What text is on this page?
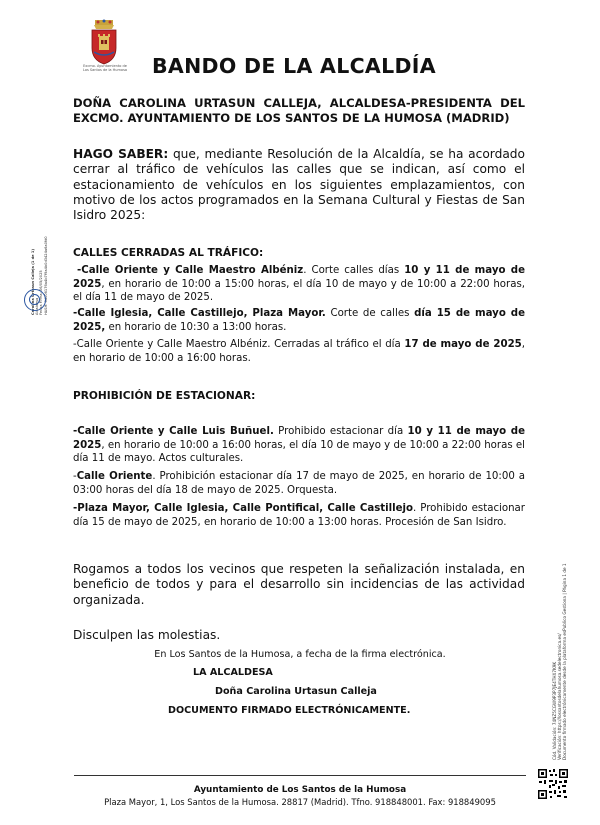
Excmo. Ayuntamiento de
Los Santos de la Humosa	BANDO DE LA ALCALDÍA

DOÑA CAROLINA URTASUN CALLEJA, ALCALDESA-PRESIDENTA DEL EXCMO. AYUNTAMIENTO DE LOS SANTOS DE LA HUMOSA (MADRID)

HAGO SABER: que, mediante Resolución de la Alcaldía, se ha acordado cerrar al tráfico de vehículos las calles que se indican, así como el estacionamiento de vehículos en los siguientes emplazamientos, con motivo de los actos programados en la Semana Cultural y Fiestas de San Isidro 2025:

CALLES CERRADAS AL TRÁFICO:

-Calle Oriente y Calle Maestro Albéniz. Corte calles días 10 y 11 de mayo de 2025, en horario de 10:00 a 15:00 horas, el día 10 de mayo y de 10:00 a 22:00 horas, el día 11 de mayo de 2025.

-Calle Iglesia, Calle Castillejo, Plaza Mayor. Corte de calles día 15 de mayo de 2025, en horario de 10:30 a 13:00 horas.

-Calle Oriente y Calle Maestro Albéniz. Cerradas al tráfico el día 17 de mayo de 2025, en horario de 10:00 a 16:00 horas.

PROHIBICIÓN DE ESTACIONAR:

-Calle Oriente y Calle Luis Buñuel. Prohibido estacionar día 10 y 11 de mayo de 2025, en horario de 10:00 a 16:00 horas, el día 10 de mayo y de 10:00 a 22:00 horas el día 11 de mayo. Actos culturales.

-Calle Oriente. Prohibición estacionar día 17 de mayo de 2025, en horario de 10:00 a 03:00 horas del día 18 de mayo de 2025. Orquesta.

-Plaza Mayor, Calle Iglesia, Calle Pontifical, Calle Castillejo. Prohibido estacionar día 15 de mayo de 2025, en horario de 10:00 a 13:00 horas. Procesión de San Isidro.

Rogamos a todos los vecinos que respeten la señalización instalada, en beneficio de todos y para el desarrollo sin incidencias de las actividad organizada.

Disculpen las molestias.

En Los Santos de la Humosa, a fecha de la firma electrónica.

LA ALCALDESA

Doña Carolina Urtasun Calleja

DOCUMENTO FIRMADO ELECTRÓNICAMENTE.

Ayuntamiento de Los Santos de la Humosa

Plaza Mayor, 1, Los Santos de la Humosa. 28817 (Madrid). Tfno. 918848001. Fax: 918849095

Carolina Urtasun Calleja (1 de 1) Alcaldesa Fecha Firma: 06/05/2025 HASH: 6d006176a4b7f9a4b0d3424a6a0fd0
Cód. Validación: 74NZ5CGW9P3P7JE4THX7K9K Verificación: https://lossantosdelahumosa.sedelectronica.es/ Documento firmado electrónicamente desde la plataforma esPublico Gestiona | Página 1 de 1
